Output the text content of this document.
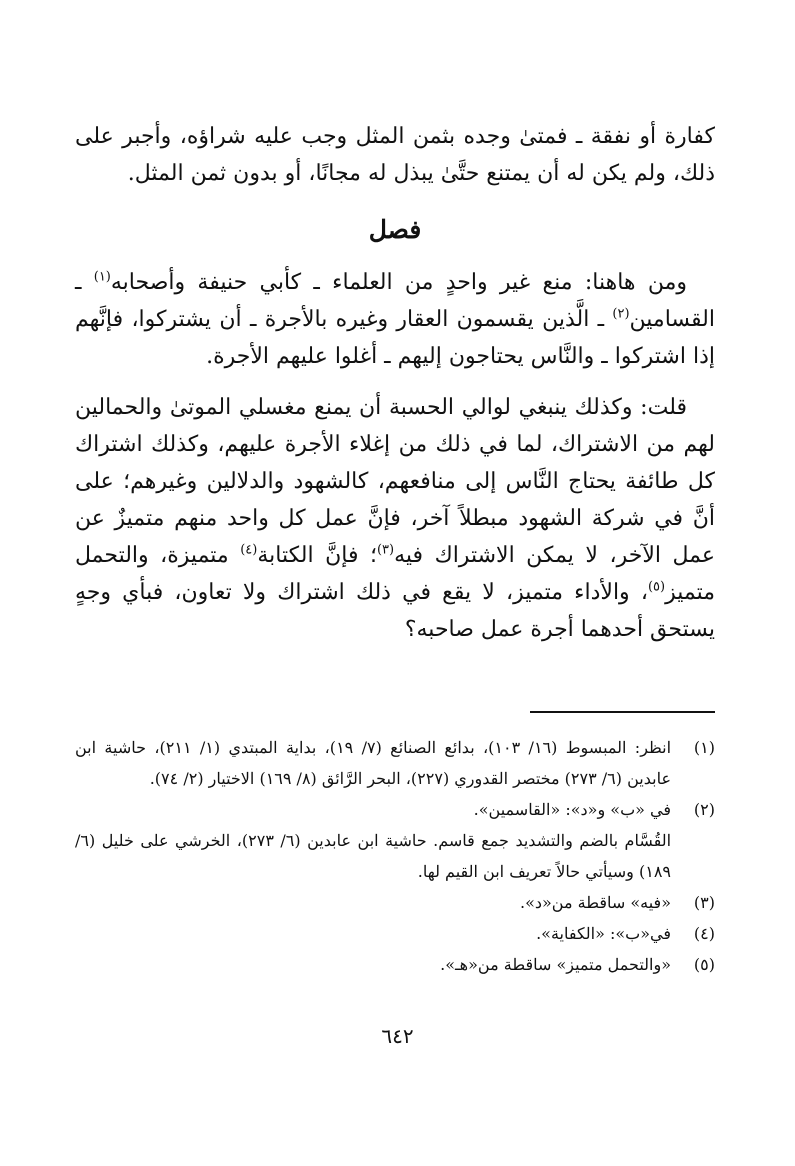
كفارة أو نفقة ـ فمتىٰ وجده بثمن المثل وجب عليه شراؤه، وأجبر على ذلك، ولم يكن له أن يمتنع حتَّىٰ يبذل له مجانًا، أو بدون ثمن المثل.

فصل

ومن هاهنا: منع غير واحدٍ من العلماء ـ كأبي حنيفة وأصحابه$^{(١)}$ ـ القسامين$^{(٢)}$ ـ الَّذين يقسمون العقار وغيره بالأجرة ـ أن يشتركوا، فإنَّهم إذا اشتركوا ـ والنَّاس يحتاجون إليهم ـ أغلوا عليهم الأجرة.

قلت: وكذلك ينبغي لوالي الحسبة أن يمنع مغسلي الموتىٰ والحمالين لهم من الاشتراك، لما في ذلك من إغلاء الأجرة عليهم، وكذلك اشتراك كل طائفة يحتاج النَّاس إلى منافعهم، كالشهود والدلالين وغيرهم؛ على أنَّ في شركة الشهود مبطلاً آخر، فإنَّ عمل كل واحد منهم متميزٌ عن عمل الآخر، لا يمكن الاشتراك فيه$^{(٣)}$؛ فإنَّ الكتابة$^{(٤)}$ متميزة، والتحمل متميز$^{(٥)}$، والأداء متميز، لا يقع في ذلك اشتراك ولا تعاون، فبأي وجهٍ يستحق أحدهما أجرة عمل صاحبه؟

(١)
انظر: المبسوط (١٦/ ١٠٣)، بدائع الصنائع (٧/ ١٩)، بداية المبتدي (١/ ٢١١)، حاشية ابن عابدين (٦/ ٢٧٣) مختصر القدوري (٢٢٧)، البحر الرَّائق (٨/ ١٦٩) الاختيار (٢/ ٧٤).
(٢)
في «ب» و«د»: «القاسمين».
القُسَّام بالضم والتشديد جمع قاسم. حاشية ابن عابدين (٦/ ٢٧٣)، الخرشي على خليل (٦/ ١٨٩) وسيأتي حالاً تعريف ابن القيم لها.
(٣)
«فيه» ساقطة من«د».
(٤)
في«ب»: «الكفاية».
(٥)
«والتحمل متميز» ساقطة من«هـ».
٦٤٢
